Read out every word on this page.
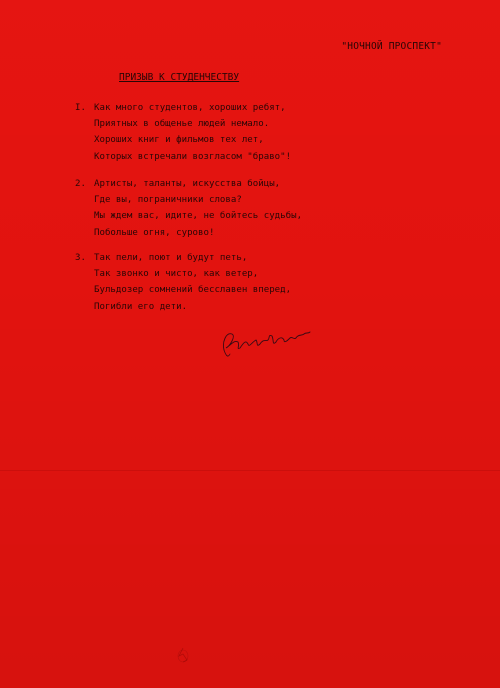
"НОЧНОЙ ПРОСПЕКТ"
ПРИЗЫВ К СТУДЕНЧЕСТВУ
I. Как много студентов, хороших ребят,
Приятных в общенье людей немало.
Хороших книг и фильмов тех лет,
Которых встречали возгласом "браво"!
2. Артисты, таланты, искусства бойцы,
Где вы, пограничники слова?
Мы ждем вас, идите, не бойтесь судьбы,
Побольше огня, сурово!
3. Так пели, поют и будут петь,
Так звонко и чисто, как ветер,
Бульдозер сомнений бесславен вперед,
Погибли его дети.
